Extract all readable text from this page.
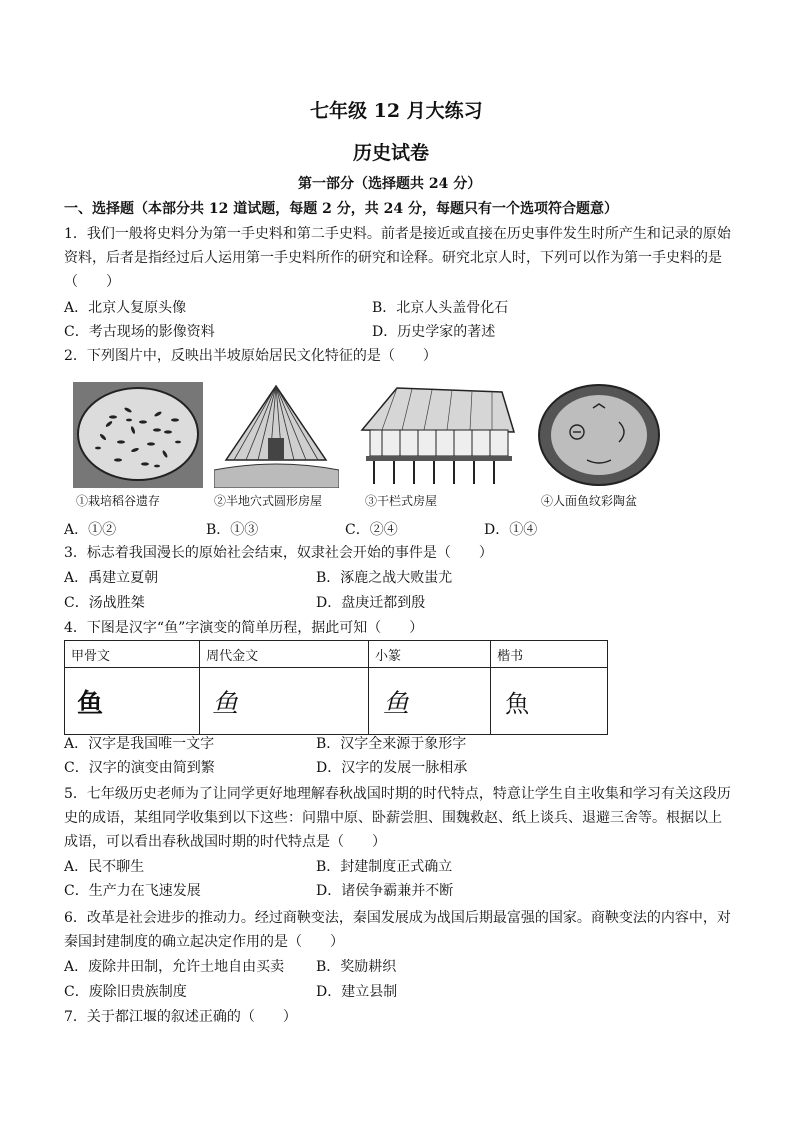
七年级 12 月大练习
历史试卷
第一部分（选择题共 24 分）
一、选择题（本部分共 12 道试题，每题 2 分，共 24 分，每题只有一个选项符合题意）
1．我们一般将史料分为第一手史料和第二手史料。前者是接近或直接在历史事件发生时所产生和记录的原始
资料，后者是指经过后人运用第一手史料所作的研究和诠释。研究北京人时，下列可以作为第一手史料的是
（　　）
A．北京人复原头像	B．北京人头盖骨化石
C．考古现场的影像资料	D．历史学家的著述
2．下列图片中，反映出半坡原始居民文化特征的是（　　）
①栽培稻谷遗存	②半地穴式圆形房屋	③干栏式房屋	④人面鱼纹彩陶盆
A．①②	B．①③	C．②④	D．①④
3．标志着我国漫长的原始社会结束，奴隶社会开始的事件是（　　）
A．禹建立夏朝	B．涿鹿之战大败蚩尤
C．汤战胜桀	D．盘庚迁都到殷
4．下图是汉字“鱼”字演变的简单历程，据此可知（　　）
甲骨文	周代金文	小篆	楷书
鱼	鱼	鱼	魚
A．汉字是我国唯一文字	B．汉字全来源于象形字
C．汉字的演变由简到繁	D．汉字的发展一脉相承
5．七年级历史老师为了让同学更好地理解春秋战国时期的时代特点，特意让学生自主收集和学习有关这段历
史的成语，某组同学收集到以下这些：问鼎中原、卧薪尝胆、围魏救赵、纸上谈兵、退避三舍等。根据以上
成语，可以看出春秋战国时期的时代特点是（　　）
A．民不聊生	B．封建制度正式确立
C．生产力在飞速发展	D．诸侯争霸兼并不断
6．改革是社会进步的推动力。经过商鞅变法，秦国发展成为战国后期最富强的国家。商鞅变法的内容中，对
秦国封建制度的确立起决定作用的是（　　）
A．废除井田制，允许土地自由买卖 B．奖励耕织
C．废除旧贵族制度	D．建立县制
7．关于都江堰的叙述正确的（　　）
